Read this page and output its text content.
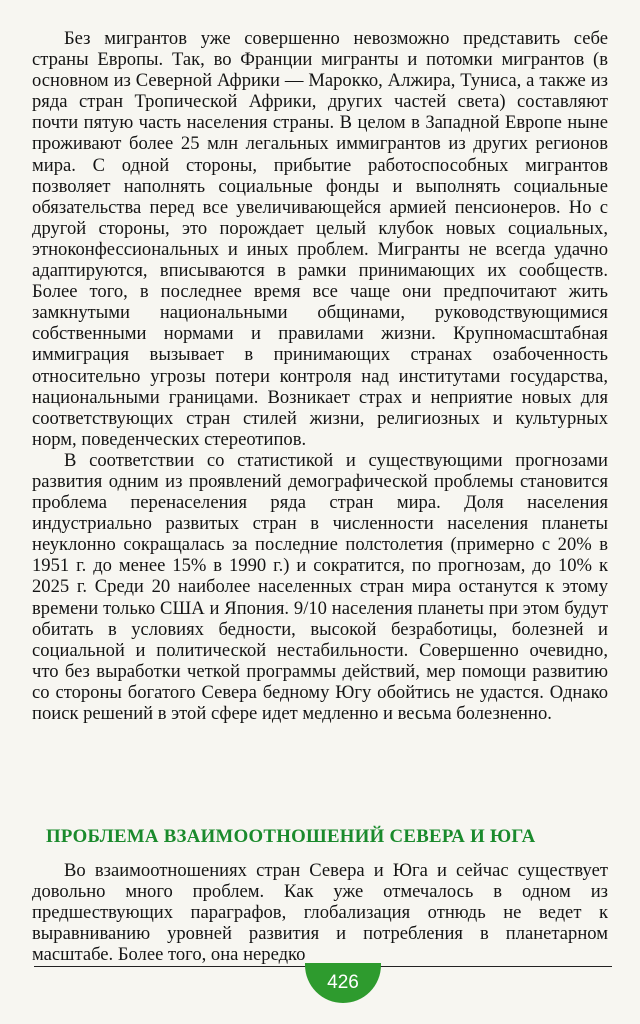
Без мигрантов уже совершенно невозможно представить себе страны Европы. Так, во Франции мигранты и потомки мигрантов (в основном из Северной Африки — Марокко, Алжира, Туниса, а также из ряда стран Тропической Африки, других частей света) составляют почти пятую часть населения страны. В целом в Западной Европе ныне проживают более 25 млн легальных иммигрантов из других регионов мира. С одной стороны, прибытие работоспособных мигрантов позволяет наполнять социальные фонды и выполнять социальные обязательства перед все увеличивающейся армией пенсионеров. Но с другой стороны, это порождает целый клубок новых социальных, этноконфессиональных и иных проблем. Мигранты не всегда удачно адаптируются, вписываются в рамки принимающих их сообществ. Более того, в последнее время все чаще они предпочитают жить замкнутыми национальными общинами, руководствующимися собственными нормами и правилами жизни. Крупномасштабная иммиграция вызывает в принимающих странах озабоченность относительно угрозы потери контроля над институтами государства, национальными границами. Возникает страх и неприятие новых для соответствующих стран стилей жизни, религиозных и культурных норм, поведенческих стереотипов.

В соответствии со статистикой и существующими прогнозами развития одним из проявлений демографической проблемы становится проблема перенаселения ряда стран мира. Доля населения индустриально развитых стран в численности населения планеты неуклонно сокращалась за последние полстолетия (примерно с 20% в 1951 г. до менее 15% в 1990 г.) и сократится, по прогнозам, до 10% к 2025 г. Среди 20 наиболее населенных стран мира останутся к этому времени только США и Япония. 9/10 населения планеты при этом будут обитать в условиях бедности, высокой безработицы, болезней и социальной и политической нестабильности. Совершенно очевидно, что без выработки четкой программы действий, мер помощи развитию со стороны богатого Севера бедному Югу обойтись не удастся. Однако поиск решений в этой сфере идет медленно и весьма болезненно.

ПРОБЛЕМА ВЗАИМООТНОШЕНИЙ СЕВЕРА И ЮГА

Во взаимоотношениях стран Севера и Юга и сейчас существует довольно много проблем. Как уже отмечалось в одном из предшествующих параграфов, глобализация отнюдь не ведет к выравниванию уровней развития и потребления в планетарном масштабе. Более того, она нередко

426
